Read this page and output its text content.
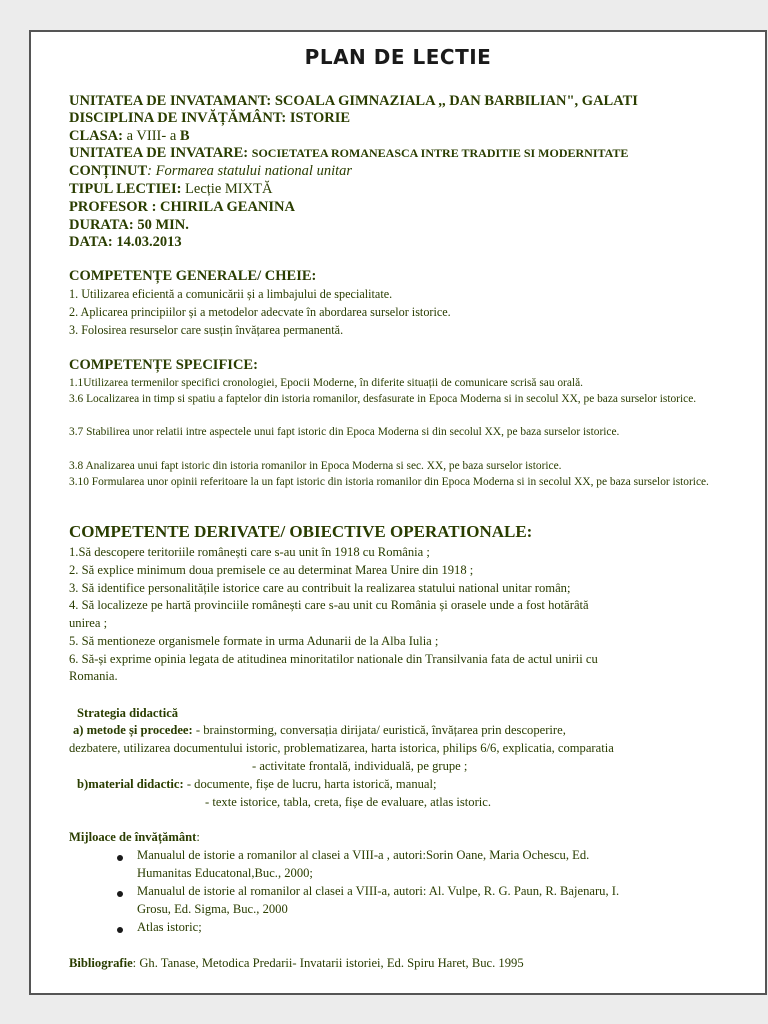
PLAN DE LECTIE
UNITATEA DE INVATAMANT: SCOALA GIMNAZIALA ,, DAN BARBILIAN", GALATI
DISCIPLINA DE INVĂȚĂMÂNT: ISTORIE
CLASA: a VIII- a B
UNITATEA DE INVATARE: SOCIETATEA ROMANEASCA INTRE TRADITIE SI MODERNITATE
CONȚINUT: Formarea statului national unitar
TIPUL LECTIEI: Lecție MIXTĂ
PROFESOR : CHIRILA GEANINA
DURATA: 50 MIN.
DATA: 14.03.2013
COMPETENȚE GENERALE/ CHEIE:
1. Utilizarea eficientă a comunicării și a limbajului de specialitate.
2. Aplicarea principiilor și a metodelor adecvate în abordarea surselor istorice.
3. Folosirea resurselor care susțin învățarea permanentă.
COMPETENȚE SPECIFICE:
1.1Utilizarea termenilor specifici cronologiei, Epocii Moderne, în diferite situații de comunicare scrisă sau orală.
3.6 Localizarea in timp si spatiu a faptelor din istoria romanilor, desfasurate in Epoca Moderna si in secolul XX, pe baza surselor istorice.
3.7 Stabilirea unor relatii intre aspectele unui fapt istoric din Epoca Moderna si din secolul XX, pe baza surselor istorice.
3.8 Analizarea unui fapt istoric din istoria romanilor in Epoca Moderna si sec. XX, pe baza surselor istorice.
3.10 Formularea unor opinii referitoare la un fapt istoric din istoria romanilor din Epoca Moderna si in secolul XX, pe baza surselor istorice.
COMPETENTE DERIVATE/ OBIECTIVE OPERATIONALE:
1.Să descopere teritoriile românești care s-au unit în 1918 cu România ;
2. Să explice minimum doua premisele ce au determinat Marea Unire din 1918 ;
3. Să identifice personalitățile istorice care au contribuit la realizarea statului national unitar român;
4. Să localizeze pe hartă provinciile românești care s-au unit cu România și orasele unde a fost hotărâtă
unirea ;
5. Să mentioneze organismele formate in urma Adunarii de la Alba Iulia ;
6. Să-și exprime opinia legata de atitudinea minoritatilor nationale din Transilvania fata de actul unirii cu
Romania.
Strategia didactică
a) metode și procedee: - brainstorming, conversația dirijata/ euristică, învățarea prin descoperire,
dezbatere, utilizarea documentului istoric, problematizarea, harta istorica, philips 6/6, explicatia, comparatia
- activitate frontală, individuală, pe grupe ;
b)material didactic: - documente, fișe de lucru, harta istorică, manual;
- texte istorice, tabla, creta, fișe de evaluare, atlas istoric.
Mijloace de învățământ:
Manualul de istorie a romanilor al clasei a VIII-a , autori:Sorin Oane, Maria Ochescu, Ed.
Humanitas Educatonal,Buc., 2000;
Manualul de istorie al romanilor al clasei a VIII-a, autori: Al. Vulpe, R. G. Paun, R. Bajenaru, I.
Grosu, Ed. Sigma, Buc., 2000
Atlas istoric;
Bibliografie: Gh. Tanase, Metodica Predarii- Invatarii istoriei, Ed. Spiru Haret, Buc. 1995
